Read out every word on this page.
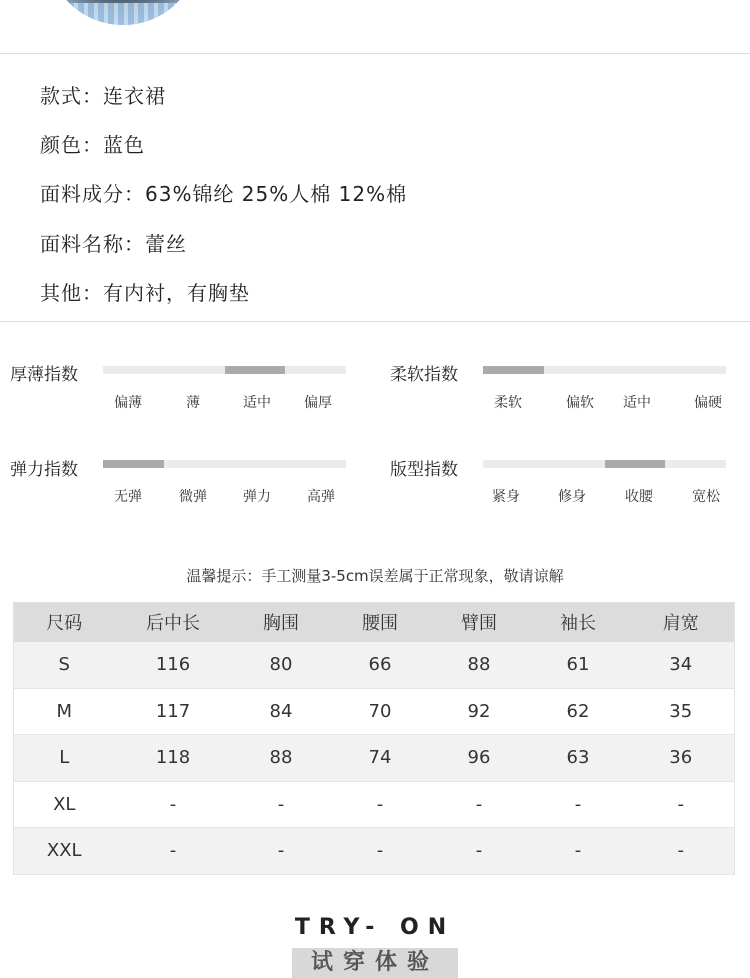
款式：连衣裙
颜色：蓝色
面料成分：63%锦纶 25%人棉 12%棉
面料名称：蕾丝
其他：有内衬，有胸垫
厚薄指数
偏薄	薄	适中	偏厚
柔软指数
柔软	偏软	适中	偏硬
弹力指数
无弹	微弹	弹力	高弹
版型指数
紧身	修身	收腰	宽松
温馨提示：手工测量3-5cm误差属于正常现象，敬请谅解
尺码	后中长	胸围	腰围	臂围	袖长	肩宽
S	116	80	66	88	61	34
M	117	84	70	92	62	35
L	118	88	74	96	63	36
XL	-	-	-	-	-	-
XXL	-	-	-	-	-	-
TRY- ON
试穿体验
